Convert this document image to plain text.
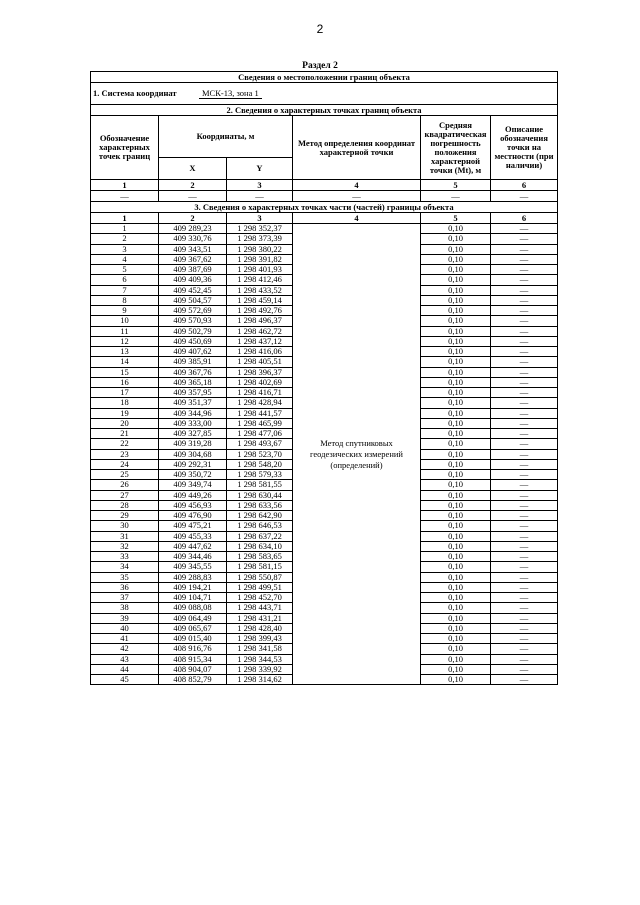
2
Раздел 2
Сведения о местоположении границ объекта					
1. Система координат МСК-13, зона 1					
2. Сведения о характерных точках границ объекта					
Обозначение характерных точек границ	Координаты, м		Метод определения координат характерной точки	Средняя квадратическая погрешность положения характерной точки (Mt), м	Описание обозначения точки на местности (при наличии)
	X	Y			
1	2	3	4	5	6
—	—	—	—	—	—
3. Сведения о характерных точках части (частей) границы объекта					
1	2	3	4	5	6
1	409 289,23	1 298 352,37	Метод спутниковых геодезических измерений (определений)	0,10	—
2	409 330,76	1 298 373,39		0,10	—
3	409 343,51	1 298 380,22		0,10	—
4	409 367,62	1 298 391,82		0,10	—
5	409 387,69	1 298 401,93		0,10	—
6	409 409,36	1 298 412,46		0,10	—
7	409 452,45	1 298 433,52		0,10	—
8	409 504,57	1 298 459,14		0,10	—
9	409 572,69	1 298 492,76		0,10	—
10	409 570,93	1 298 496,37		0,10	—
11	409 502,79	1 298 462,72		0,10	—
12	409 450,69	1 298 437,12		0,10	—
13	409 407,62	1 298 416,06		0,10	—
14	409 385,91	1 298 405,51		0,10	—
15	409 367,76	1 298 396,37		0,10	—
16	409 365,18	1 298 402,69		0,10	—
17	409 357,95	1 298 416,71		0,10	—
18	409 351,37	1 298 428,94		0,10	—
19	409 344,96	1 298 441,57		0,10	—
20	409 333,00	1 298 465,99		0,10	—
21	409 327,85	1 298 477,06		0,10	—
22	409 319,28	1 298 493,67		0,10	—
23	409 304,68	1 298 523,70		0,10	—
24	409 292,31	1 298 548,20		0,10	—
25	409 350,72	1 298 579,33		0,10	—
26	409 349,74	1 298 581,55		0,10	—
27	409 449,26	1 298 630,44		0,10	—
28	409 456,93	1 298 633,56		0,10	—
29	409 476,90	1 298 642,90		0,10	—
30	409 475,21	1 298 646,53		0,10	—
31	409 455,33	1 298 637,22		0,10	—
32	409 447,62	1 298 634,10		0,10	—
33	409 344,46	1 298 583,65		0,10	—
34	409 345,55	1 298 581,15		0,10	—
35	409 288,83	1 298 550,87		0,10	—
36	409 194,21	1 298 499,51		0,10	—
37	409 104,71	1 298 452,70		0,10	—
38	409 088,08	1 298 443,71		0,10	—
39	409 064,49	1 298 431,21		0,10	—
40	409 065,67	1 298 428,40		0,10	—
41	409 015,40	1 298 399,43		0,10	—
42	408 916,76	1 298 341,58		0,10	—
43	408 915,34	1 298 344,53		0,10	—
44	408 904,07	1 298 339,92		0,10	—
45	408 852,79	1 298 314,62		0,10	—
